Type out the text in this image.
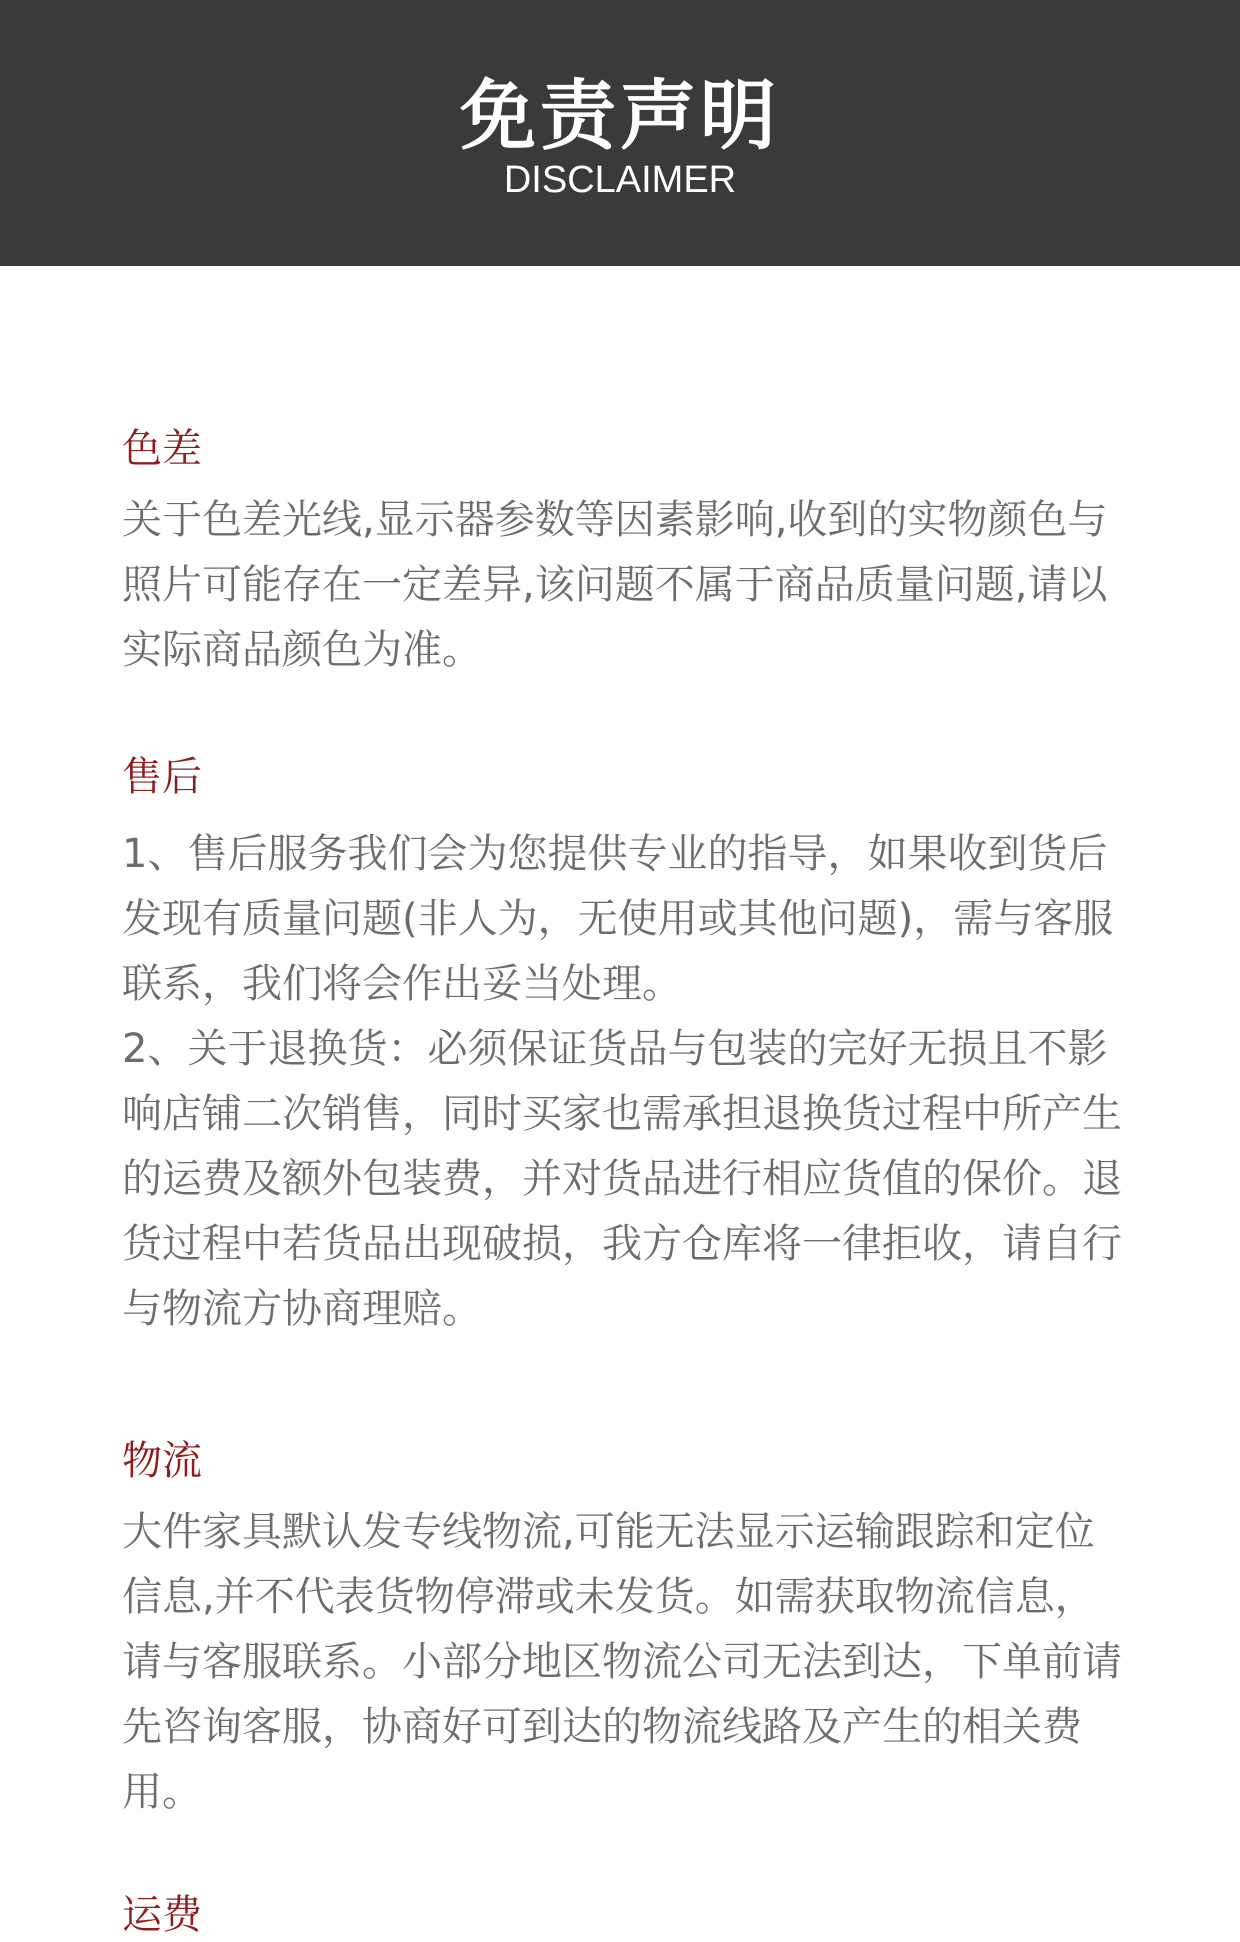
免责声明
DISCLAIMER
色差

关于色差光线,显示器参数等因素影响,收到的实物颜色与照片可能存在一定差异,该问题不属于商品质量问题,请以实际商品颜色为准。

售后

1、售后服务我们会为您提供专业的指导，如果收到货后发现有质量问题(非人为，无使用或其他问题)，需与客服联系，我们将会作出妥当处理。

2、关于退换货：必须保证货品与包装的完好无损且不影响店铺二次销售，同时买家也需承担退换货过程中所产生的运费及额外包装费，并对货品进行相应货值的保价。退货过程中若货品出现破损，我方仓库将一律拒收，请自行与物流方协商理赔。

物流

大件家具默认发专线物流,可能无法显示运输跟踪和定位信息,并不代表货物停滞或未发货。如需获取物流信息，请与客服联系。小部分地区物流公司无法到达，下单前请先咨询客服，协商好可到达的物流线路及产生的相关费用。

运费
